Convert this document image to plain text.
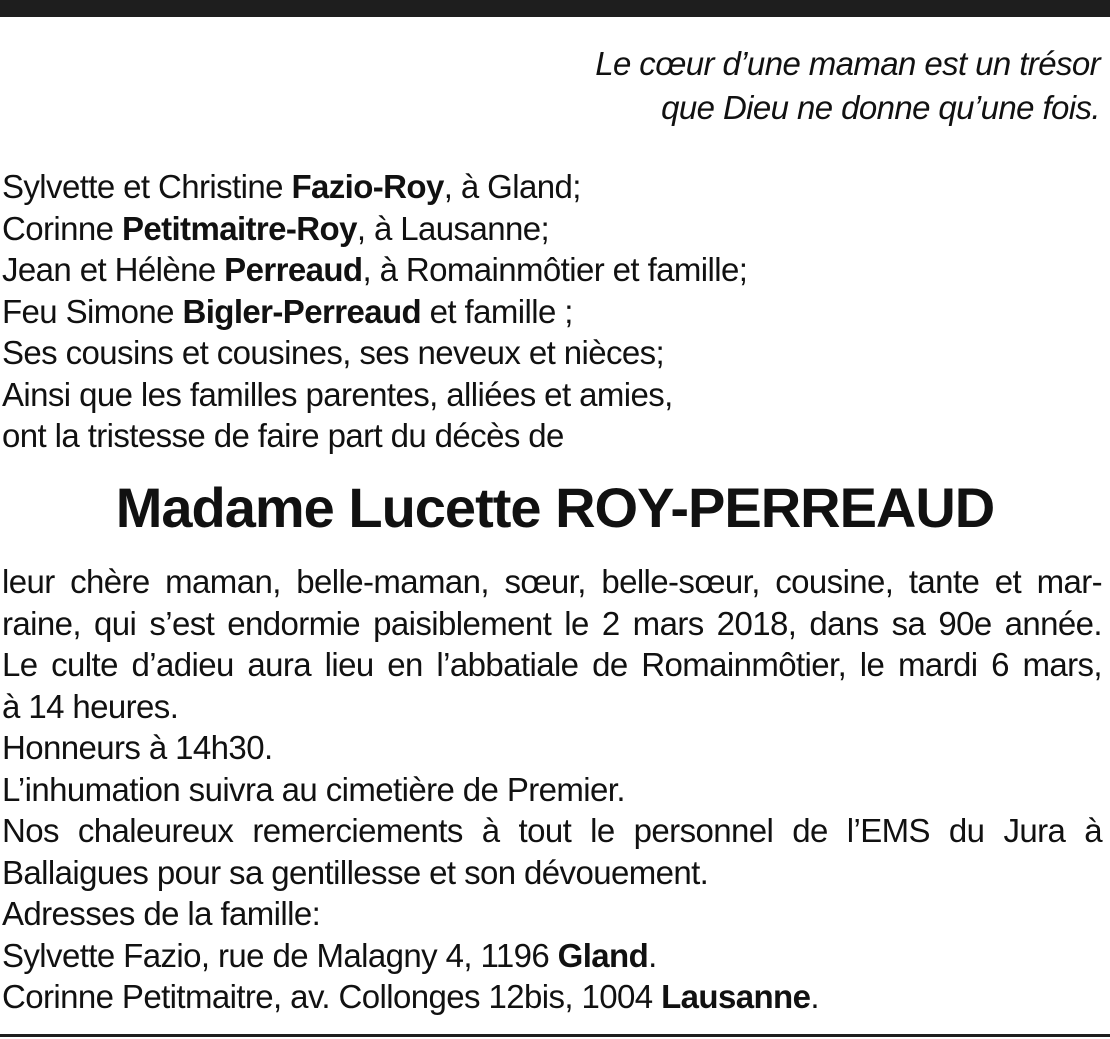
Le cœur d’une maman est un trésor
que Dieu ne donne qu’une fois.
Sylvette et Christine Fazio-Roy, à Gland;
Corinne Petitmaitre-Roy, à Lausanne;
Jean et Hélène Perreaud, à Romainmôtier et famille;
Feu Simone Bigler-Perreaud et famille ;
Ses cousins et cousines, ses neveux et nièces;
Ainsi que les familles parentes, alliées et amies,
ont la tristesse de faire part du décès de
Madame Lucette ROY-PERREAUD
leur chère maman, belle-maman, sœur, belle-sœur, cousine, tante et mar-
raine, qui s’est endormie paisiblement le 2 mars 2018, dans sa 90e année.
Le culte d’adieu aura lieu en l’abbatiale de Romainmôtier, le mardi 6 mars,
à 14 heures.
Honneurs à 14h30.
L’inhumation suivra au cimetière de Premier.
Nos chaleureux remerciements à tout le personnel de l’EMS du Jura à
Ballaigues pour sa gentillesse et son dévouement.
Adresses de la famille:
Sylvette Fazio, rue de Malagny 4, 1196 Gland.
Corinne Petitmaitre, av. Collonges 12bis, 1004 Lausanne.
